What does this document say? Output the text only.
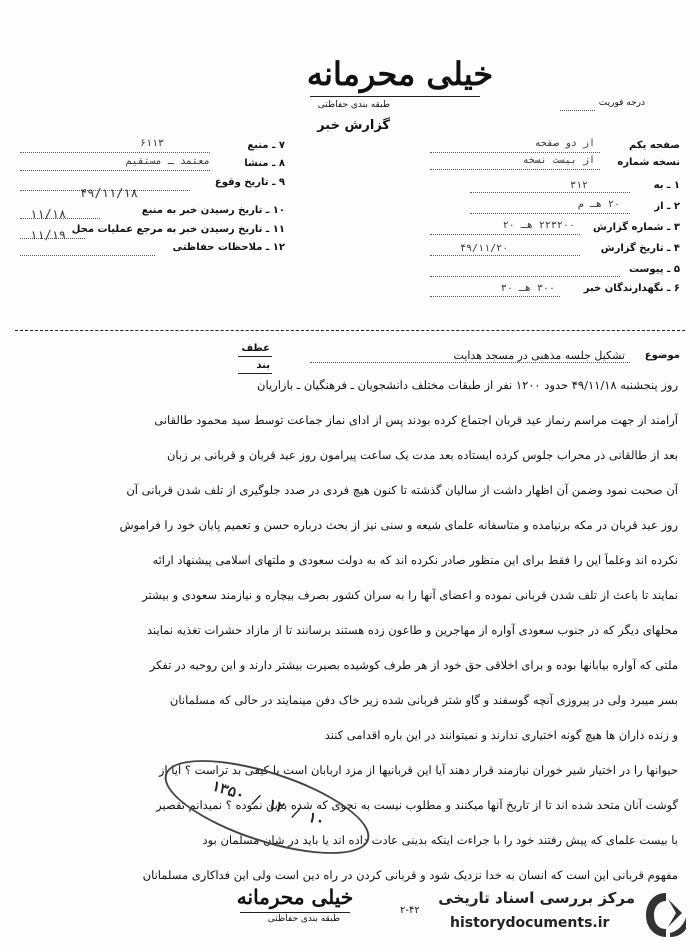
خیلی محرمانه
طبقه بندی حفاظتی
گزارش خبر
درجه فوریت
۷ ـ منبع
۶۱۱۳
۸ ـ منشا
معتمد ـ مستقیم
۹ ـ تاریخ وقوع
۴۹/۱۱/۱۸
۱۰ ـ تاریخ رسیدن خبر به منبع
۱۱/۱۸
۱۱ ـ تاریخ رسیدن خبر به مرجع عملیات محل
۱۱/۱۹
۱۲ ـ ملاحظات حفاظتی
صفحه یکم
از دو صفحه
نسخه شماره
از بیست نسخه
۱ ـ به
۳۱۲
۲ ـ از
۲۰ هـ م
۳ ـ شماره گزارش
۲۲۳۲۰۰ هـ ۲۰
۴ ـ تاریخ گزارش
۴۹/۱۱/۲۰
۵ ـ پیوست
۶ ـ نگهدارندگان خبر
۳۰۰ هـ ۳۰
عطف
بند
موضوع
تشکیل جلسه مذهبی در مسجد هدایت
روز پنجشنبه ۴۹/۱۱/۱۸ حدود ۱۲۰۰ نفر از طبقات مختلف دانشجویان ـ فرهنگیان ـ بازاریان
آرامند از جهت مراسم رنماز عید قربان اجتماع کرده بودند پس از ادای نماز جماعت توسط سید محمود طالقانی
بعد از طالقانی در محراب جلوس کرده ایستاده بعد مدت یک ساعت پیرامون روز عید قربان و قربانی بر زبان
آن صحبت نمود وضمن آن اظهار داشت از سالیان گذشته تا کنون هیچ فردی در صدد جلوگیری از تلف شدن قربانی آن
روز عید قربان در مکه برنیامده و متاسفانه علمای شیعه و سنی نیز از بحث درباره حسن و تعمیم پایان خود را فراموش
نکرده اند وعلماً این را فقط برای این منظور صادر نکرده اند که به دولت سعودی و ملتهای اسلامی پیشنهاد ارائه
نمایند تا باعث از تلف شدن قربانی نموده و اعضای آنها را به سران کشور بصرف بیچاره و نیازمند سعودی و بیشتر
محلهای دیگر که در جنوب سعودی آواره از مهاجرین و طاعون زده هستند برسانند تا از مازاد حشرات تغذیه نمایند
ملتی که آواره بیابانها بوده و برای اخلاقی حق خود از هر طرف کوشیده بصیرت بیشتر دارند و این روحیه در تفکر
بسر میبرد ولی در پیروزی آنچه گوسفند و گاو شتر قربانی شده زیر خاک دفن مینمایند در حالی که مسلمانان
و زنده داران ها هیچ گونه اختیاری ندارند و نمیتوانند در این باره اقدامی کنند
حیوانها را در اختیار شیر خوران نیازمند قرار دهند آیا این قربانیها از مزد اربابان است یا کیفی بد تراست ؟ آیا از
گوشت آنان متحد شده اند تا از تاریخ آنها میکنند و مطلوب نیست به نحوی که شده بدین نموده ؟ نمیدانم تقصیر
با بیست علمای که پیش رفتند خود را با جراءت اینکه بدینی عادت داده اند یا باید در شان مسلمان بود
مفهوم قربانی این است که انسان به خدا نزدیک شود و قربانی کردن در راه دین است ولی این فداکاری مسلمانان
۱۳۵۰ / ۱۲ / ۱۰
خیلی محرمانه
طبقه بندی حفاظتی
۲-۴۲
مرکز بررسی اسناد تاریخی
historydocuments.ir
